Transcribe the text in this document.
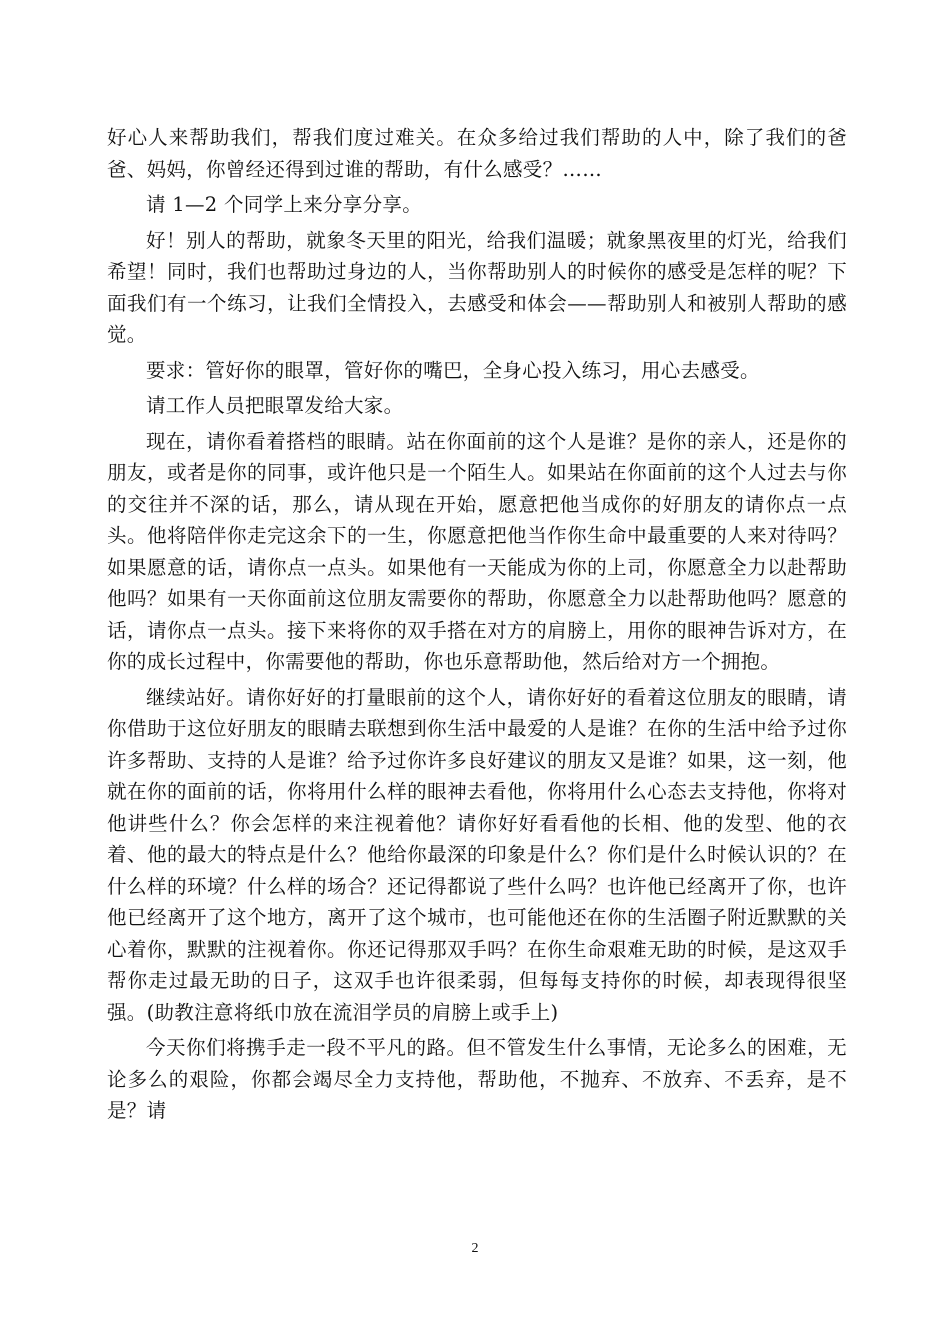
好心人来帮助我们，帮我们度过难关。在众多给过我们帮助的人中，除了我们的爸爸、妈妈，你曾经还得到过谁的帮助，有什么感受？……

请 1—2 个同学上来分享分享。

好！别人的帮助，就象冬天里的阳光，给我们温暖；就象黑夜里的灯光，给我们希望！同时，我们也帮助过身边的人，当你帮助别人的时候你的感受是怎样的呢？下面我们有一个练习，让我们全情投入，去感受和体会——帮助别人和被别人帮助的感觉。

要求：管好你的眼罩，管好你的嘴巴，全身心投入练习，用心去感受。

请工作人员把眼罩发给大家。

现在，请你看着搭档的眼睛。站在你面前的这个人是谁？是你的亲人，还是你的朋友，或者是你的同事，或许他只是一个陌生人。如果站在你面前的这个人过去与你的交往并不深的话，那么，请从现在开始，愿意把他当成你的好朋友的请你点一点头。他将陪伴你走完这余下的一生，你愿意把他当作你生命中最重要的人来对待吗？如果愿意的话，请你点一点头。如果他有一天能成为你的上司，你愿意全力以赴帮助他吗？如果有一天你面前这位朋友需要你的帮助，你愿意全力以赴帮助他吗？愿意的话，请你点一点头。接下来将你的双手搭在对方的肩膀上，用你的眼神告诉对方，在你的成长过程中，你需要他的帮助，你也乐意帮助他，然后给对方一个拥抱。

继续站好。请你好好的打量眼前的这个人，请你好好的看着这位朋友的眼睛，请你借助于这位好朋友的眼睛去联想到你生活中最爱的人是谁？在你的生活中给予过你许多帮助、支持的人是谁？给予过你许多良好建议的朋友又是谁？如果，这一刻，他就在你的面前的话，你将用什么样的眼神去看他，你将用什么心态去支持他，你将对他讲些什么？你会怎样的来注视着他？请你好好看看他的长相、他的发型、他的衣着、他的最大的特点是什么？他给你最深的印象是什么？你们是什么时候认识的？在什么样的环境？什么样的场合？还记得都说了些什么吗？也许他已经离开了你，也许他已经离开了这个地方，离开了这个城市，也可能他还在你的生活圈子附近默默的关心着你，默默的注视着你。你还记得那双手吗？在你生命艰难无助的时候，是这双手帮你走过最无助的日子，这双手也许很柔弱，但每每支持你的时候，却表现得很坚强。(助教注意将纸巾放在流泪学员的肩膀上或手上)

今天你们将携手走一段不平凡的路。但不管发生什么事情，无论多么的困难，无论多么的艰险，你都会竭尽全力支持他，帮助他，不抛弃、不放弃、不丢弃，是不是？请

2
